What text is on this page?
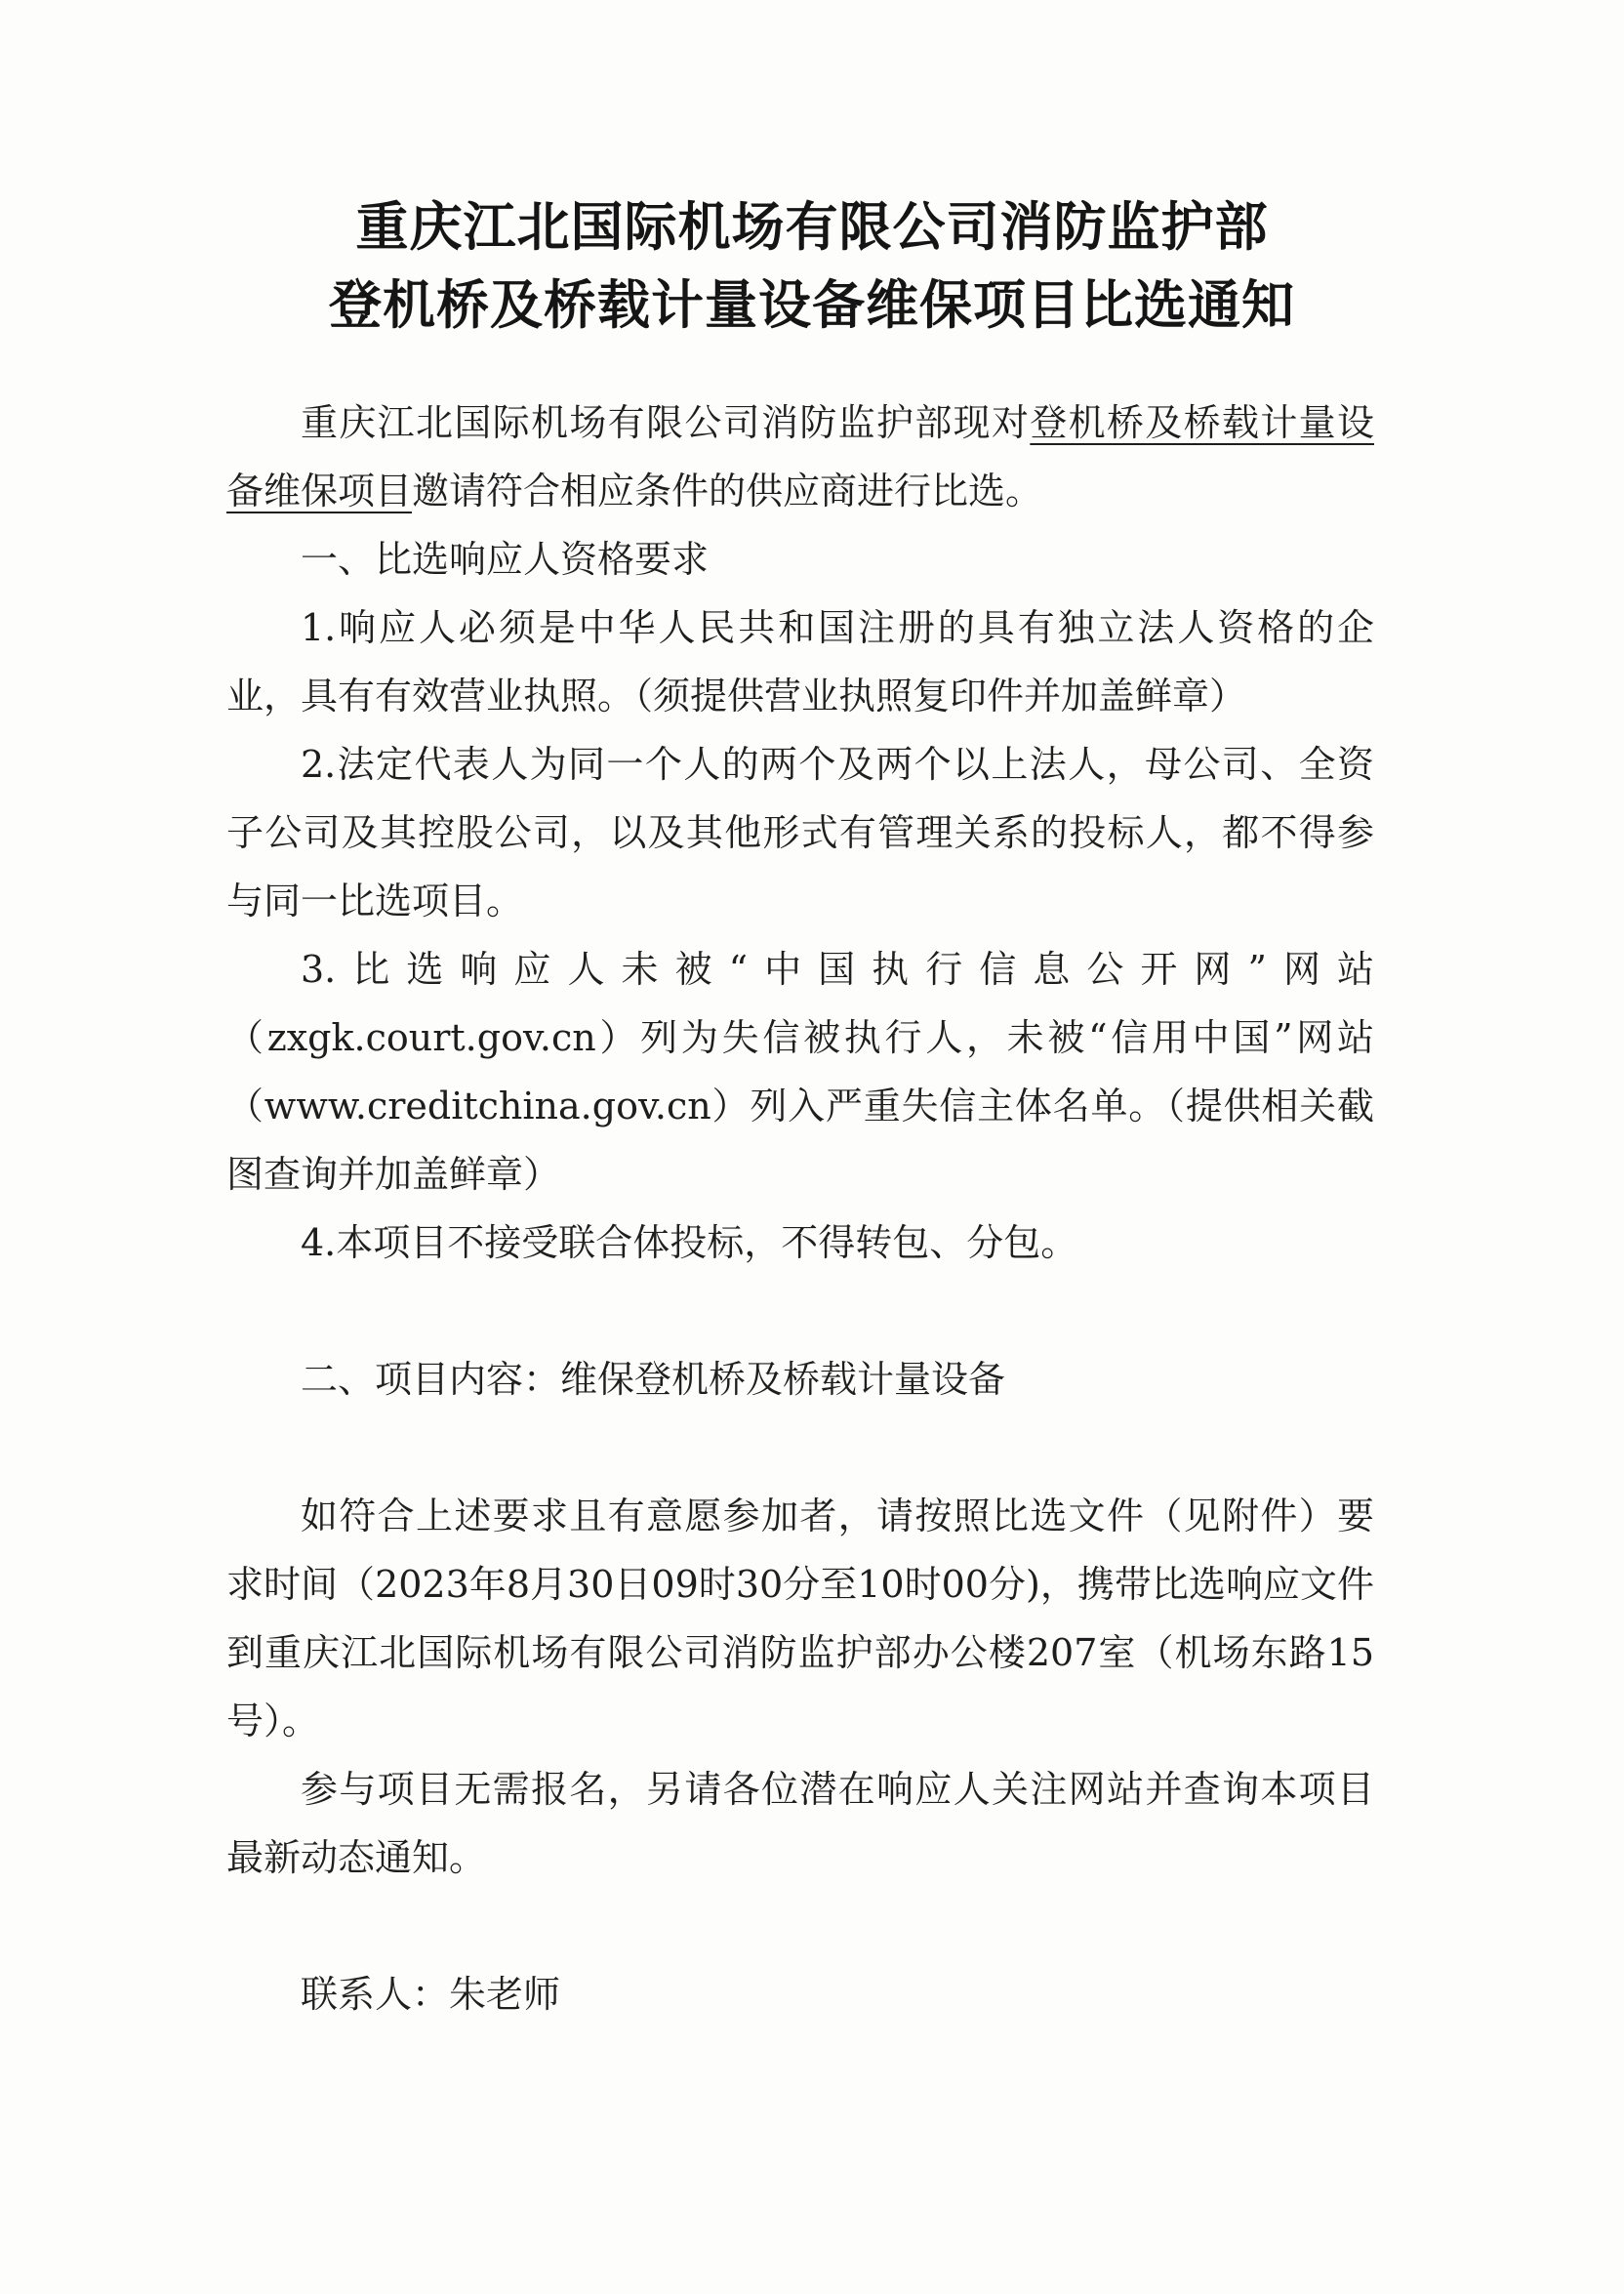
重庆江北国际机场有限公司消防监护部
登机桥及桥载计量设备维保项目比选通知

重庆江北国际机场有限公司消防监护部现对登机桥及桥载计量设备维保项目邀请符合相应条件的供应商进行比选。

一、比选响应人资格要求

1.响应人必须是中华人民共和国注册的具有独立法人资格的企业，具有有效营业执照。（须提供营业执照复印件并加盖鲜章）

2.法定代表人为同一个人的两个及两个以上法人，母公司、全资子公司及其控股公司，以及其他形式有管理关系的投标人，都不得参与同一比选项目。

3.比选响应人未被“中国执行信息公开网”网站（zxgk.court.gov.cn）列为失信被执行人，未被“信用中国”网站（www.creditchina.gov.cn）列入严重失信主体名单。（提供相关截图查询并加盖鲜章）

4.本项目不接受联合体投标，不得转包、分包。

二、项目内容：维保登机桥及桥载计量设备

如符合上述要求且有意愿参加者，请按照比选文件（见附件）要求时间（2023年8月30日09时30分至10时00分)，携带比选响应文件到重庆江北国际机场有限公司消防监护部办公楼207室（机场东路15号）。

参与项目无需报名，另请各位潜在响应人关注网站并查询本项目最新动态通知。

联系人：朱老师
